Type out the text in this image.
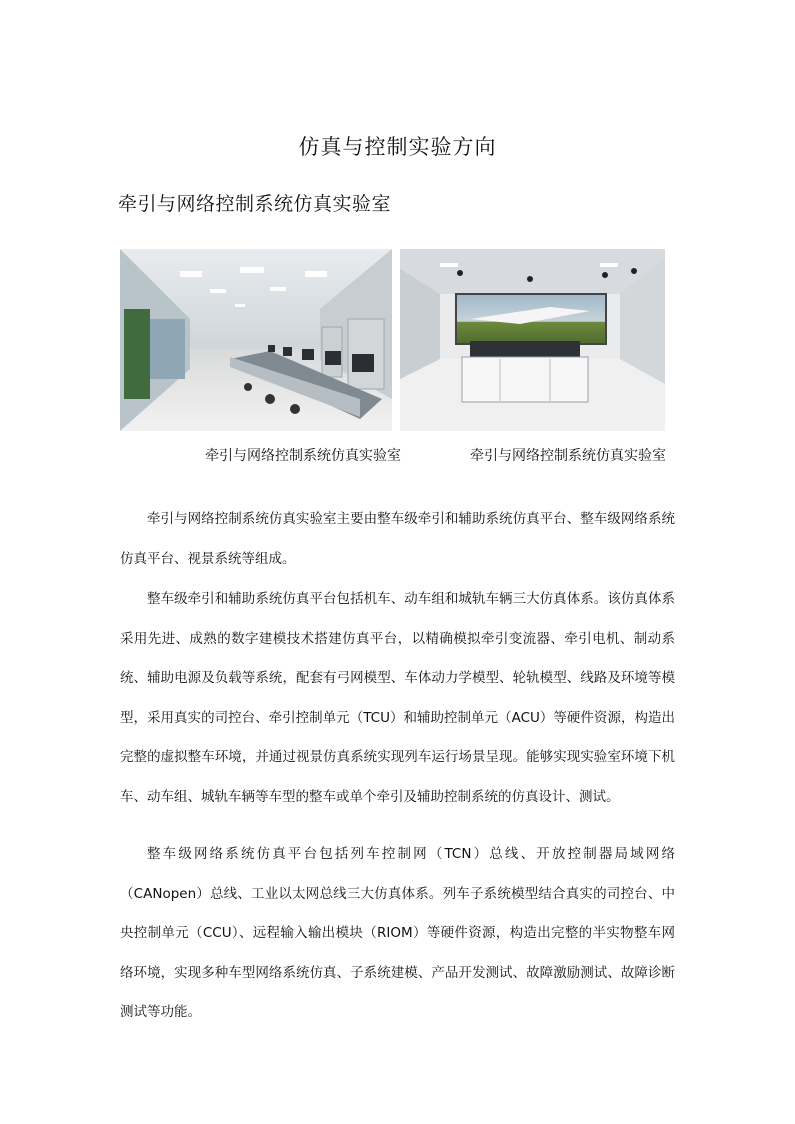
仿真与控制实验方向
牵引与网络控制系统仿真实验室
牵引与网络控制系统仿真实验室	牵引与网络控制系统仿真实验室

牵引与网络控制系统仿真实验室主要由整车级牵引和辅助系统仿真平台、整车级网络系统仿真平台、视景系统等组成。

整车级牵引和辅助系统仿真平台包括机车、动车组和城轨车辆三大仿真体系。该仿真体系采用先进、成熟的数字建模技术搭建仿真平台，以精确模拟牵引变流器、牵引电机、制动系统、辅助电源及负载等系统，配套有弓网模型、车体动力学模型、轮轨模型、线路及环境等模型，采用真实的司控台、牵引控制单元（TCU）和辅助控制单元（ACU）等硬件资源，构造出完整的虚拟整车环境，并通过视景仿真系统实现列车运行场景呈现。能够实现实验室环境下机车、动车组、城轨车辆等车型的整车或单个牵引及辅助控制系统的仿真设计、测试。

整车级网络系统仿真平台包括列车控制网（TCN）总线、开放控制器局域网络（CANopen）总线、工业以太网总线三大仿真体系。列车子系统模型结合真实的司控台、中央控制单元（CCU）、远程输入输出模块（RIOM）等硬件资源，构造出完整的半实物整车网络环境，实现多种车型网络系统仿真、子系统建模、产品开发测试、故障激励测试、故障诊断测试等功能。
